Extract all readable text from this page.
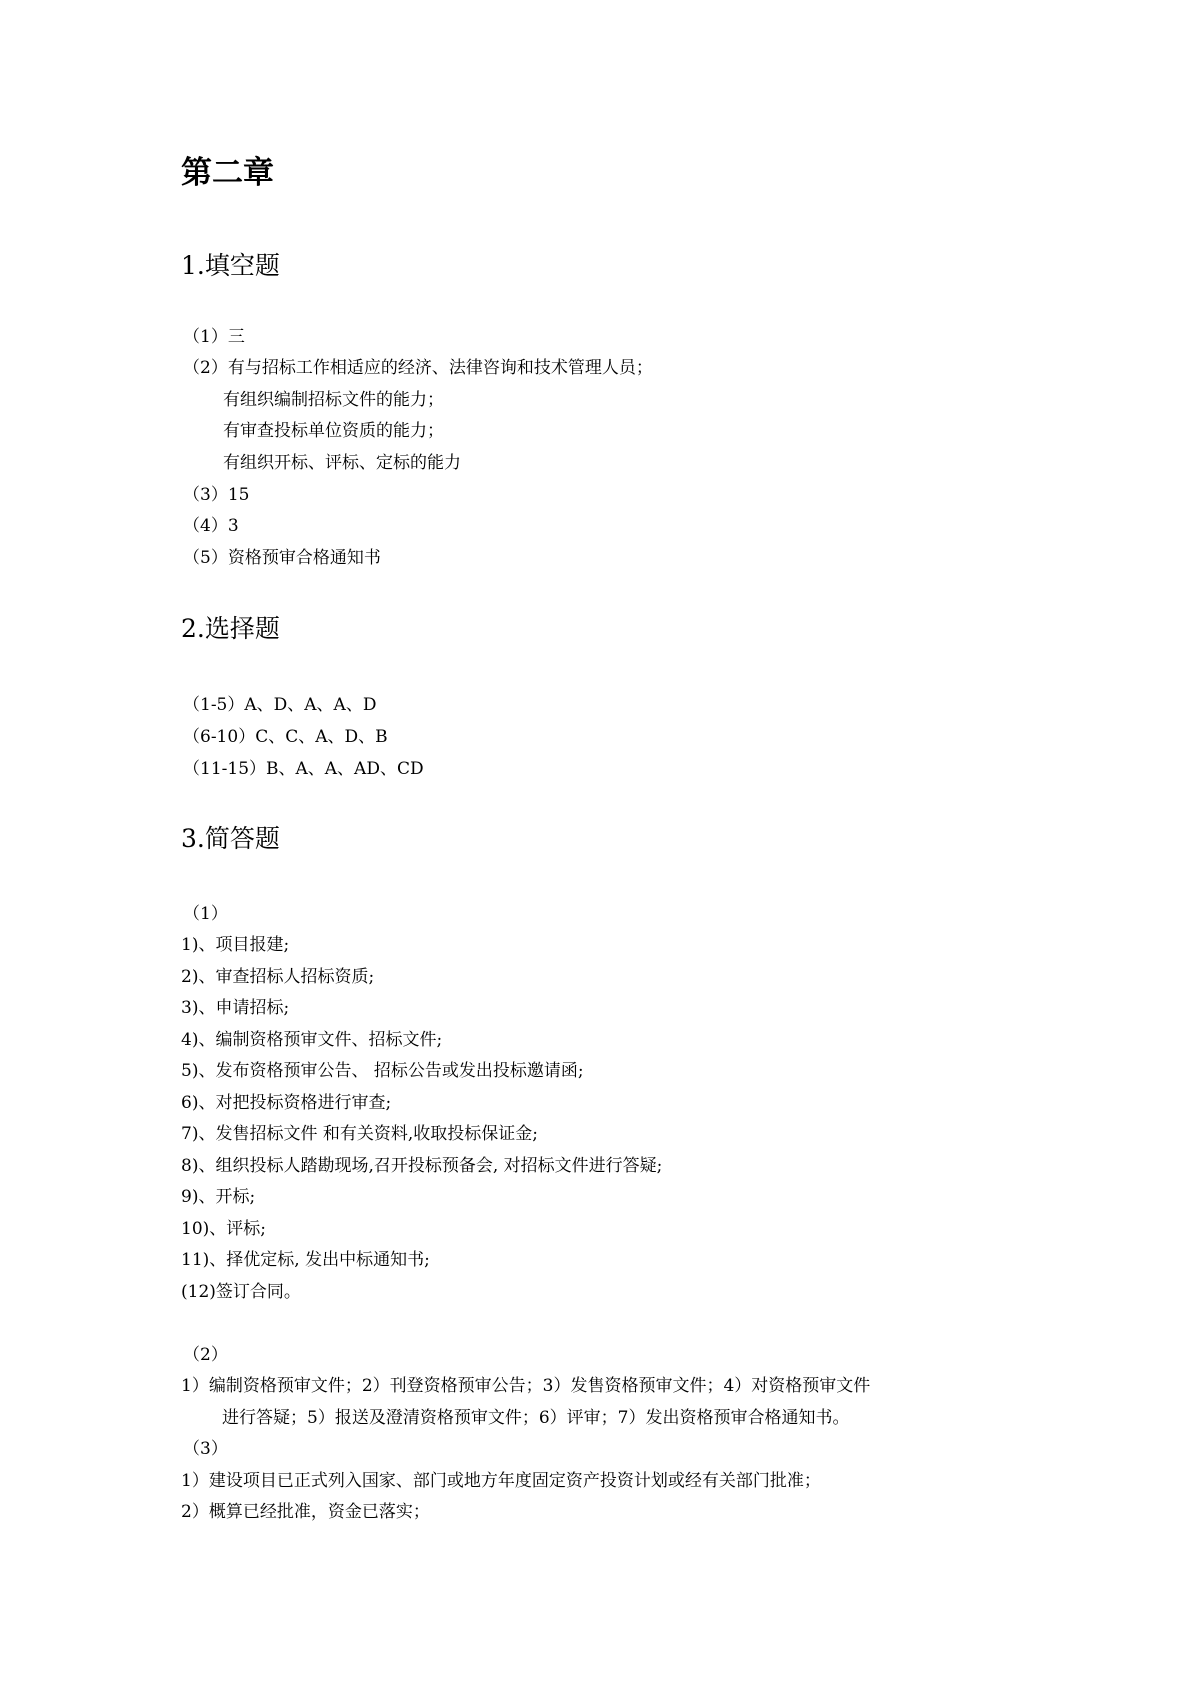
第二章
1.填空题
（1）三
（2）有与招标工作相适应的经济、法律咨询和技术管理人员；
有组织编制招标文件的能力；
有审查投标单位资质的能力；
有组织开标、评标、定标的能力
（3）15
（4）3
（5）资格预审合格通知书
2.选择题
（1-5）A、D、A、A、D
（6-10）C、C、A、D、B
（11-15）B、A、A、AD、CD
3.简答题
（1）
1)、项目报建;
2)、审查招标人招标资质;
3)、申请招标;
4)、编制资格预审文件、招标文件;
5)、发布资格预审公告、 招标公告或发出投标邀请函;
6)、对把投标资格进行审查;
7)、发售招标文件 和有关资料,收取投标保证金;
8)、组织投标人踏勘现场,召开投标预备会, 对招标文件进行答疑;
9)、开标;
10)、评标;
11)、择优定标, 发出中标通知书;
(12)签订合同。
（2）
1）编制资格预审文件；2）刊登资格预审公告；3）发售资格预审文件；4）对资格预审文件
进行答疑；5）报送及澄清资格预审文件；6）评审；7）发出资格预审合格通知书。
（3）
1）建设项目已正式列入国家、部门或地方年度固定资产投资计划或经有关部门批准；
2）概算已经批准，资金已落实；
